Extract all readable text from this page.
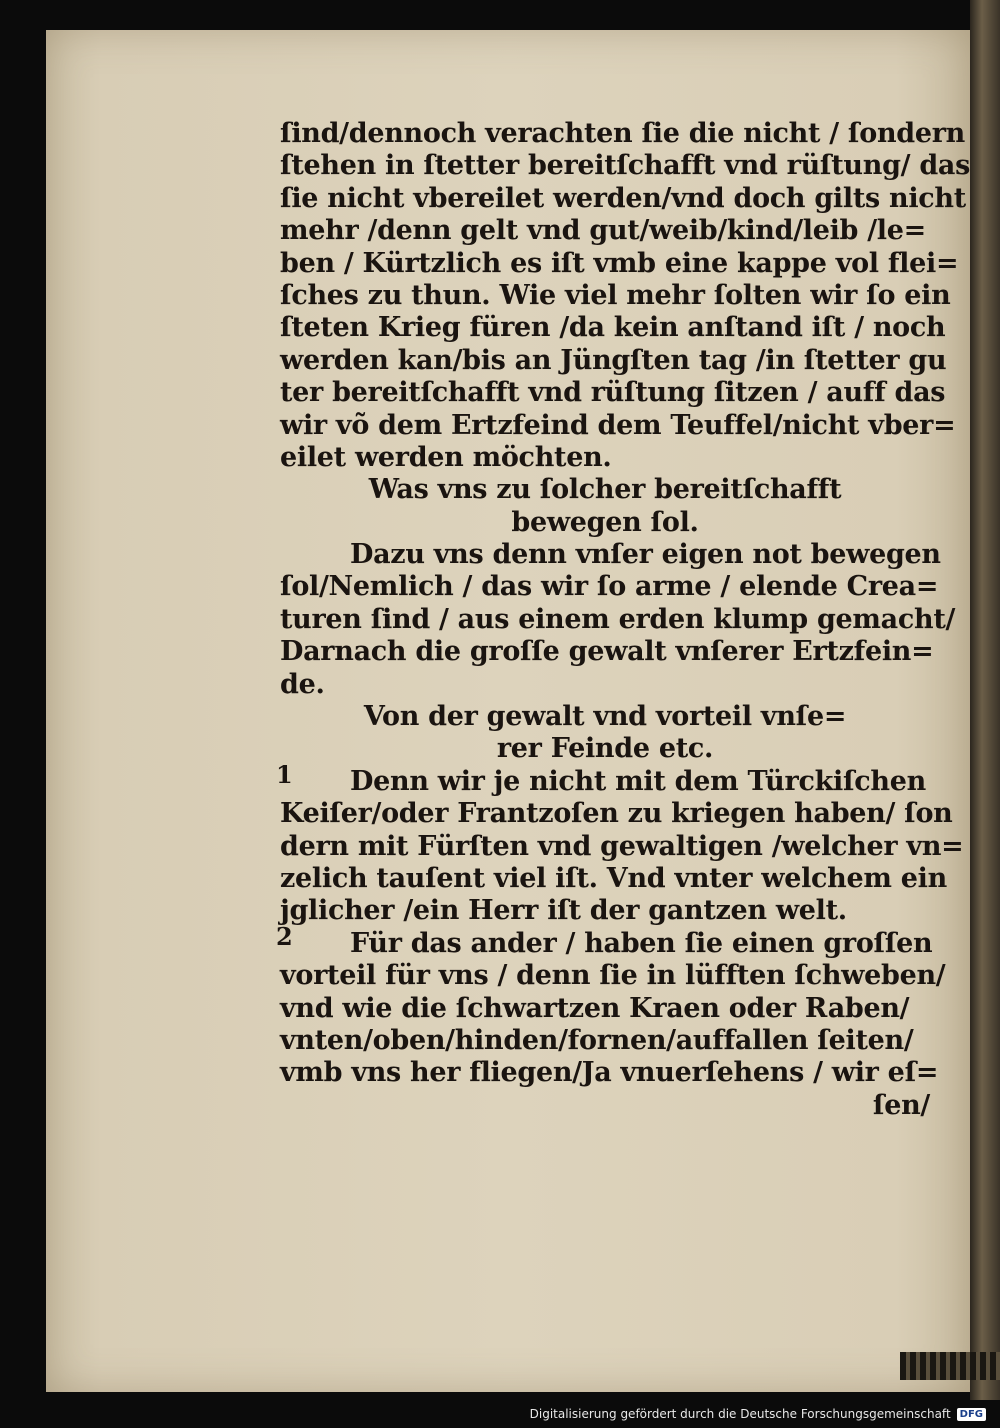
ſind/dennoch verachten ſie die nicht / ſondern
ſtehen in ſtetter bereitſchafft vnd rüſtung/ das
ſie nicht vbereilet werden/vnd doch gilts nicht
mehr /denn gelt vnd gut/weib/kind/leib /le=
ben / Kürtzlich es iſt vmb eine kappe vol flei=
ſches zu thun. Wie viel mehr ſolten wir ſo ein
ſteten Krieg füren /da kein anſtand iſt / noch
werden kan/bis an Jüngſten tag /in ſtetter gu
ter bereitſchafft vnd rüſtung ſitzen / auff das
wir võ dem Ertzfeind dem Teuffel/nicht vber=
eilet werden möchten.
Was vns zu ſolcher bereitſchafft
bewegen ſol.
Dazu vns denn vnſer eigen not bewegen
ſol/Nemlich / das wir ſo arme / elende Crea=
turen ſind / aus einem erden klump gemacht/
Darnach die groſſe gewalt vnſerer Ertzfein=
de.
Von der gewalt vnd vorteil vnſe=
rer Feinde etc.
Denn wir je nicht mit dem Türckiſchen
Keiſer/oder Frantzoſen zu kriegen haben/ ſon
dern mit Fürſten vnd gewaltigen /welcher vn=
zelich tauſent viel iſt. Vnd vnter welchem ein
jglicher /ein Herr iſt der gantzen welt.
Für das ander / haben ſie einen groſſen
vorteil für vns / denn ſie in lüfften ſchweben/
vnd wie die ſchwartzen Kraen oder Raben/
vnten/oben/hinden/fornen/auffallen ſeiten/
vmb vns her fliegen/Ja vnuerſehens / wir eſ=
ſen/
1
2
Digitalisierung gefördert durch die Deutsche Forschungsgemeinschaft DFG
